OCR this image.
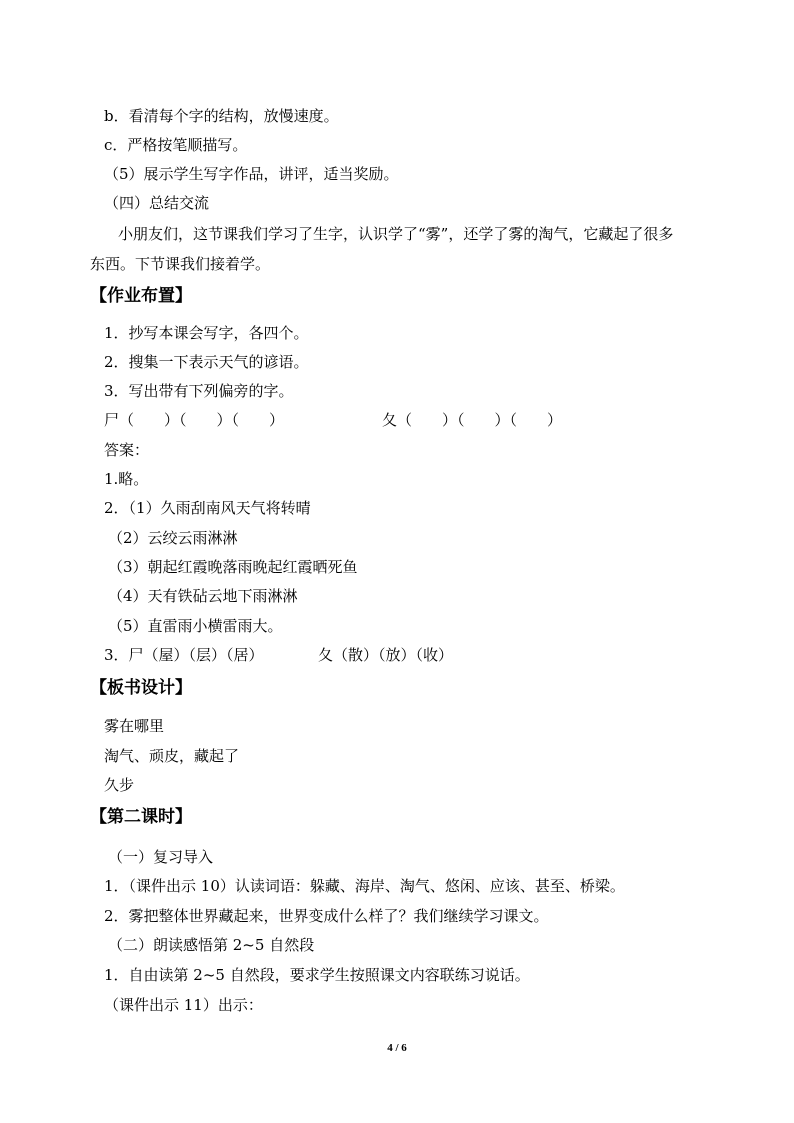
b．看清每个字的结构，放慢速度。
c．严格按笔顺描写。
（5）展示学生写字作品，讲评，适当奖励。
（四）总结交流
小朋友们，这节课我们学习了生字，认识学了“雾”，还学了雾的淘气，它藏起了很多
东西。下节课我们接着学。
【作业布置】
1．抄写本课会写字，各四个。
2．搜集一下表示天气的谚语。
3．写出带有下列偏旁的字。
尸（　　）（　　）（　　）	夂（　　）（　　）（　　）
答案：
1.略。
2．（1）久雨刮南风天气将转晴
（2）云绞云雨淋淋
（3）朝起红霞晚落雨晚起红霞晒死鱼
（4）天有铁砧云地下雨淋淋
（5）直雷雨小横雷雨大。
3．尸（屋）（层）（居）	夂（散）（放）（收）
【板书设计】
雾在哪里
淘气、顽皮，藏起了
久步
【第二课时】
（一）复习导入
1．（课件出示 10）认读词语：躲藏、海岸、淘气、悠闲、应该、甚至、桥梁。
2．雾把整体世界藏起来，世界变成什么样了？我们继续学习课文。
（二）朗读感悟第 2~5 自然段
1．自由读第 2~5 自然段，要求学生按照课文内容联练习说话。
（课件出示 11）出示：
4 / 6
